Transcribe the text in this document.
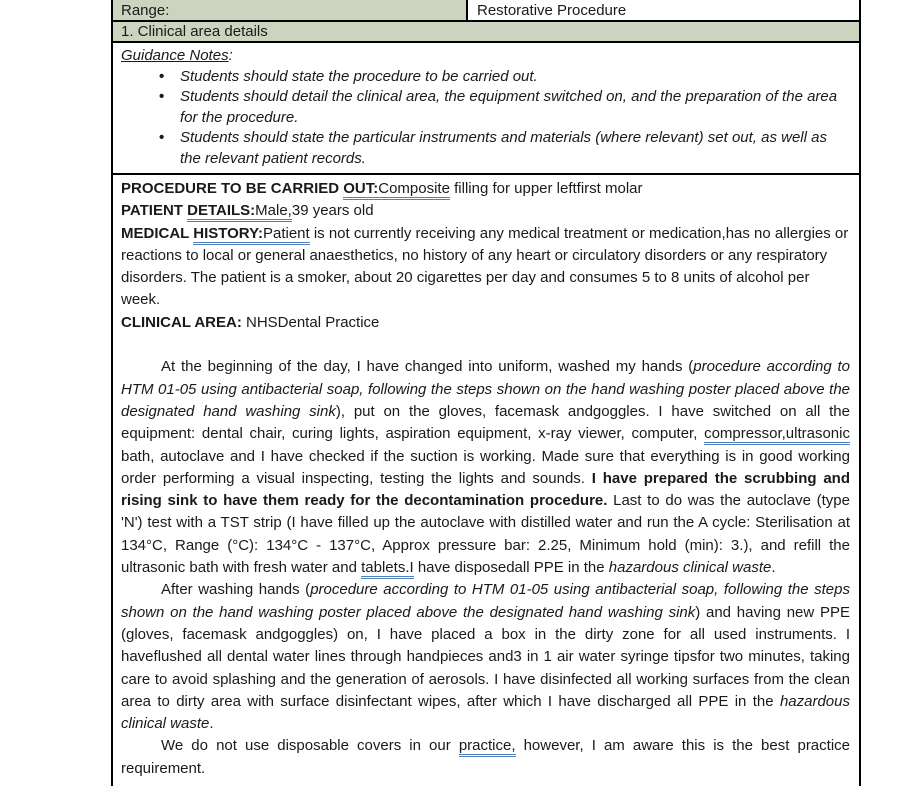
Range:	Restorative Procedure
1. Clinical area details
Guidance Notes:
• Students should state the procedure to be carried out.
• Students should detail the clinical area, the equipment switched on, and the preparation of the area for the procedure.
• Students should state the particular instruments and materials (where relevant) set out, as well as the relevant patient records.

PROCEDURE TO BE CARRIED OUT:Composite filling for upper leftfirst molar

PATIENT DETAILS:Male,39 years old

MEDICAL HISTORY:Patient is not currently receiving any medical treatment or medication,has no allergies or reactions to local or general anaesthetics, no history of any heart or circulatory disorders or any respiratory disorders. The patient is a smoker, about 20 cigarettes per day and consumes 5 to 8 units of alcohol per week.

CLINICAL AREA: NHSDental Practice

At the beginning of the day, I have changed into uniform, washed my hands (procedure according to HTM 01-05 using antibacterial soap, following the steps shown on the hand washing poster placed above the designated hand washing sink), put on the gloves, facemask andgoggles. I have switched on all the equipment: dental chair, curing lights, aspiration equipment, x-ray viewer, computer, compressor,ultrasonic bath, autoclave and I have checked if the suction is working. Made sure that everything is in good working order performing a visual inspecting, testing the lights and sounds. I have prepared the scrubbing and rising sink to have them ready for the decontamination procedure. Last to do was the autoclave (type 'N') test with a TST strip (I have filled up the autoclave with distilled water and run the A cycle: Sterilisation at 134°C, Range (°C): 134°C - 137°C, Approx pressure bar: 2.25, Minimum hold (min): 3.), and refill the ultrasonic bath with fresh water and tablets.I have disposedall PPE in the hazardous clinical waste.

After washing hands (procedure according to HTM 01-05 using antibacterial soap, following the steps shown on the hand washing poster placed above the designated hand washing sink) and having new PPE (gloves, facemask andgoggles) on, I have placed a box in the dirty zone for all used instruments. I haveflushed all dental water lines through handpieces and3 in 1 air water syringe tipsfor two minutes, taking care to avoid splashing and the generation of aerosols. I have disinfected all working surfaces from the clean area to dirty area with surface disinfectant wipes, after which I have discharged all PPE in the hazardous clinical waste.

We do not use disposable covers in our practice, however, I am aware this is the best practice requirement.
